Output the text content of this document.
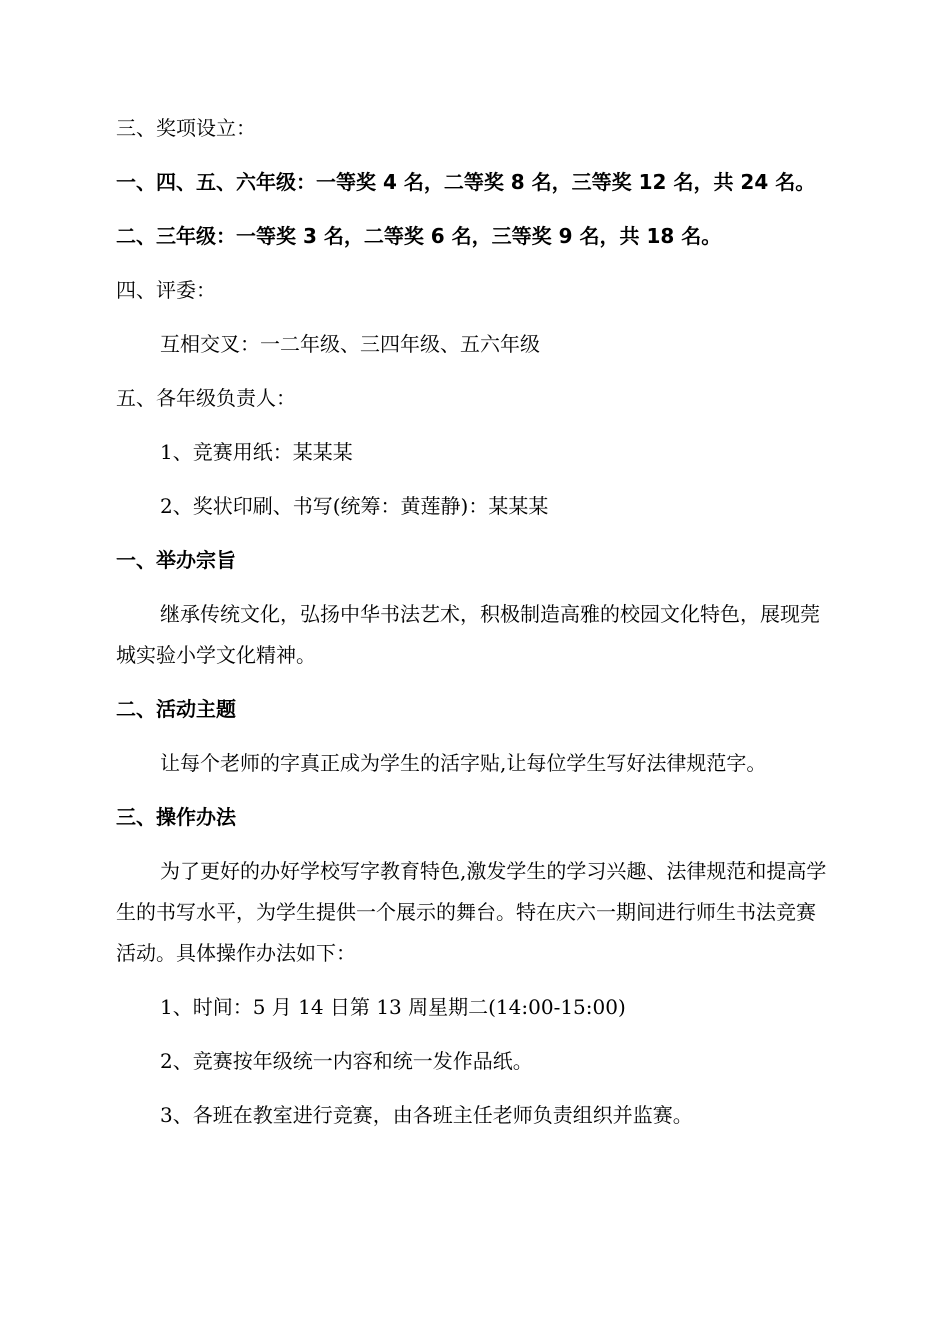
三、奖项设立：

一、四、五、六年级：一等奖 4 名，二等奖 8 名，三等奖 12 名，共 24 名。

二、三年级：一等奖 3 名，二等奖 6 名，三等奖 9 名，共 18 名。

四、评委：

互相交叉：一二年级、三四年级、五六年级

五、各年级负责人：

1、竞赛用纸：某某某

2、奖状印刷、书写(统筹：黄莲静)：某某某

一、举办宗旨

继承传统文化，弘扬中华书法艺术，积极制造高雅的校园文化特色，展现莞城实验小学文化精神。

二、活动主题

让每个老师的字真正成为学生的活字贴,让每位学生写好法律规范字。

三、操作办法

为了更好的办好学校写字教育特色,激发学生的学习兴趣、法律规范和提高学生的书写水平，为学生提供一个展示的舞台。特在庆六一期间进行师生书法竞赛活动。具体操作办法如下：

1、时间：5 月 14 日第 13 周星期二(14:00-15:00)

2、竞赛按年级统一内容和统一发作品纸。

3、各班在教室进行竞赛，由各班主任老师负责组织并监赛。
